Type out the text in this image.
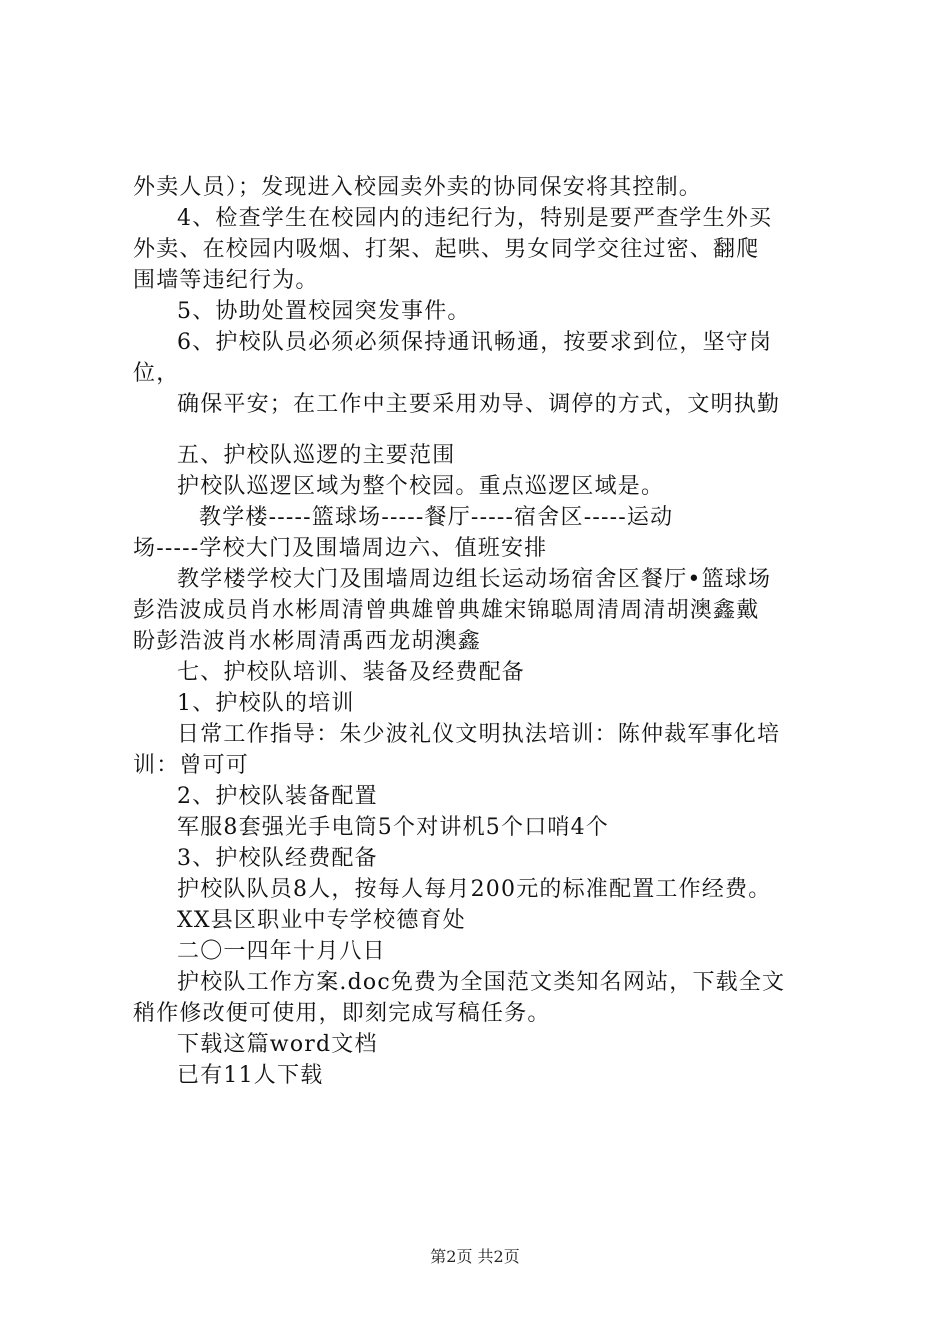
外卖人员）；发现进入校园卖外卖的协同保安将其控制。
4、检查学生在校园内的违纪行为，特别是要严查学生外买
外卖、在校园内吸烟、打架、起哄、男女同学交往过密、翻爬
围墙等违纪行为。
5、协助处置校园突发事件。
6、护校队员必须必须保持通讯畅通，按要求到位，坚守岗
位，
确保平安；在工作中主要采用劝导、调停的方式，文明执勤
五、护校队巡逻的主要范围
护校队巡逻区域为整个校园。重点巡逻区域是。
教学楼-----篮球场-----餐厅-----宿舍区-----运动
场-----学校大门及围墙周边六、值班安排
教学楼学校大门及围墙周边组长运动场宿舍区餐厅•篮球场
彭浩波成员肖水彬周清曾典雄曾典雄宋锦聪周清周清胡澳鑫戴
盼彭浩波肖水彬周清禹西龙胡澳鑫
七、护校队培训、装备及经费配备
1、护校队的培训
日常工作指导：朱少波礼仪文明执法培训：陈仲裁军事化培
训：曾可可
2、护校队装备配置
军服8套强光手电筒5个对讲机5个口哨4个
3、护校队经费配备
护校队队员8人，按每人每月200元的标准配置工作经费。
XX县区职业中专学校德育处
二〇一四年十月八日
护校队工作方案.doc免费为全国范文类知名网站，下载全文
稍作修改便可使用，即刻完成写稿任务。
下载这篇word文档
已有11人下载
第2页 共2页
